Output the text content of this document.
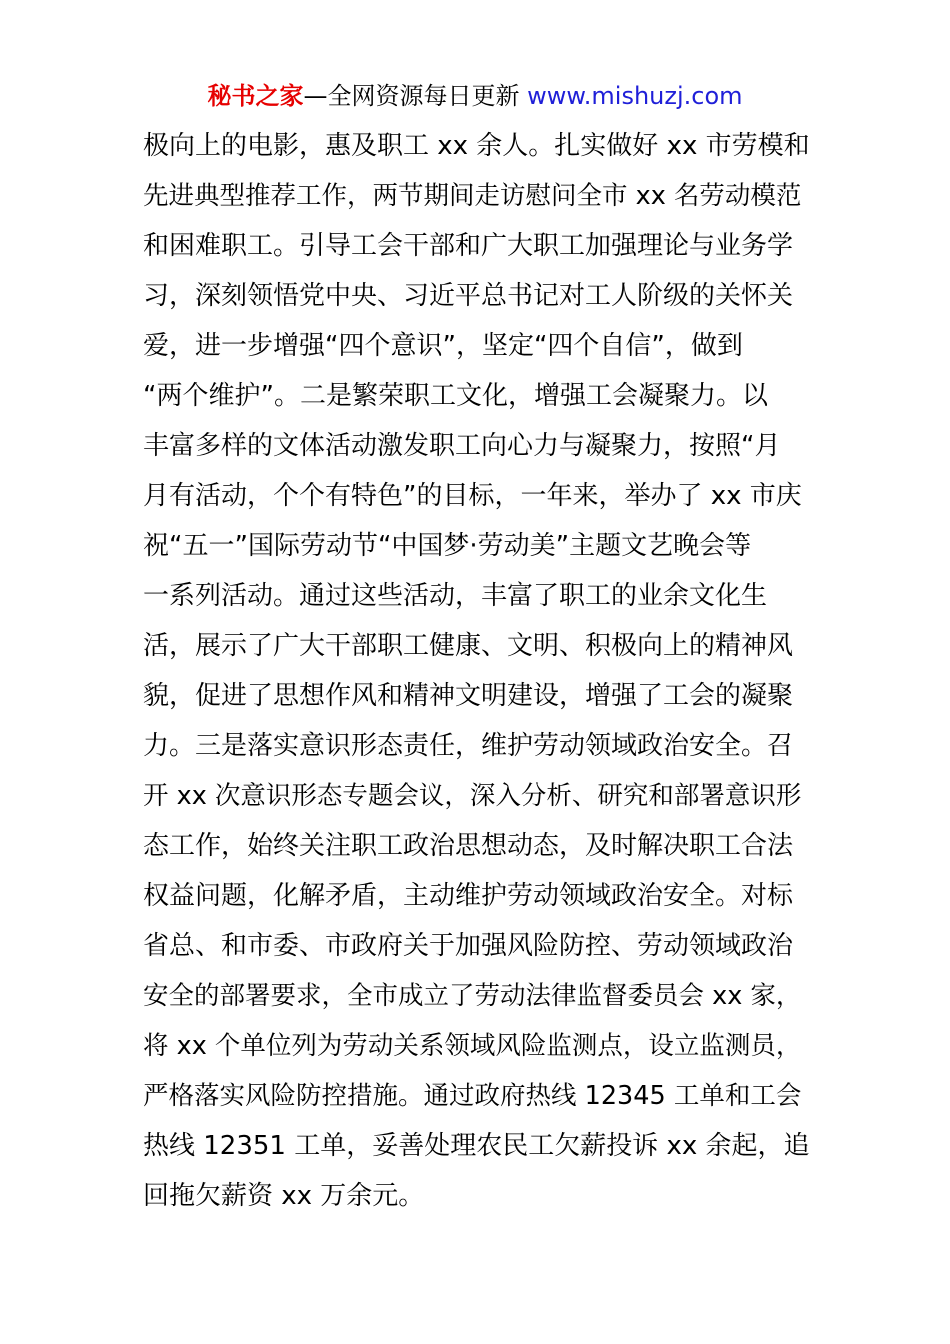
秘书之家—全网资源每日更新 www.mishuzj.com
极向上的电影，惠及职工 xx 余人。扎实做好 xx 市劳模和
先进典型推荐工作，两节期间走访慰问全市 xx 名劳动模范
和困难职工。引导工会干部和广大职工加强理论与业务学
习，深刻领悟党中央、习近平总书记对工人阶级的关怀关
爱，进一步增强“四个意识”，坚定“四个自信”，做到
“两个维护”。二是繁荣职工文化，增强工会凝聚力。以
丰富多样的文体活动激发职工向心力与凝聚力，按照“月
月有活动，个个有特色”的目标，一年来，举办了 xx 市庆
祝“五一”国际劳动节“中国梦·劳动美”主题文艺晚会等
一系列活动。通过这些活动，丰富了职工的业余文化生
活，展示了广大干部职工健康、文明、积极向上的精神风
貌，促进了思想作风和精神文明建设，增强了工会的凝聚
力。三是落实意识形态责任，维护劳动领域政治安全。召
开 xx 次意识形态专题会议，深入分析、研究和部署意识形
态工作，始终关注职工政治思想动态，及时解决职工合法
权益问题，化解矛盾，主动维护劳动领域政治安全。对标
省总、和市委、市政府关于加强风险防控、劳动领域政治
安全的部署要求，全市成立了劳动法律监督委员会 xx 家，
将 xx 个单位列为劳动关系领域风险监测点，设立监测员，
严格落实风险防控措施。通过政府热线 12345 工单和工会
热线 12351 工单，妥善处理农民工欠薪投诉 xx 余起，追
回拖欠薪资 xx 万余元。
